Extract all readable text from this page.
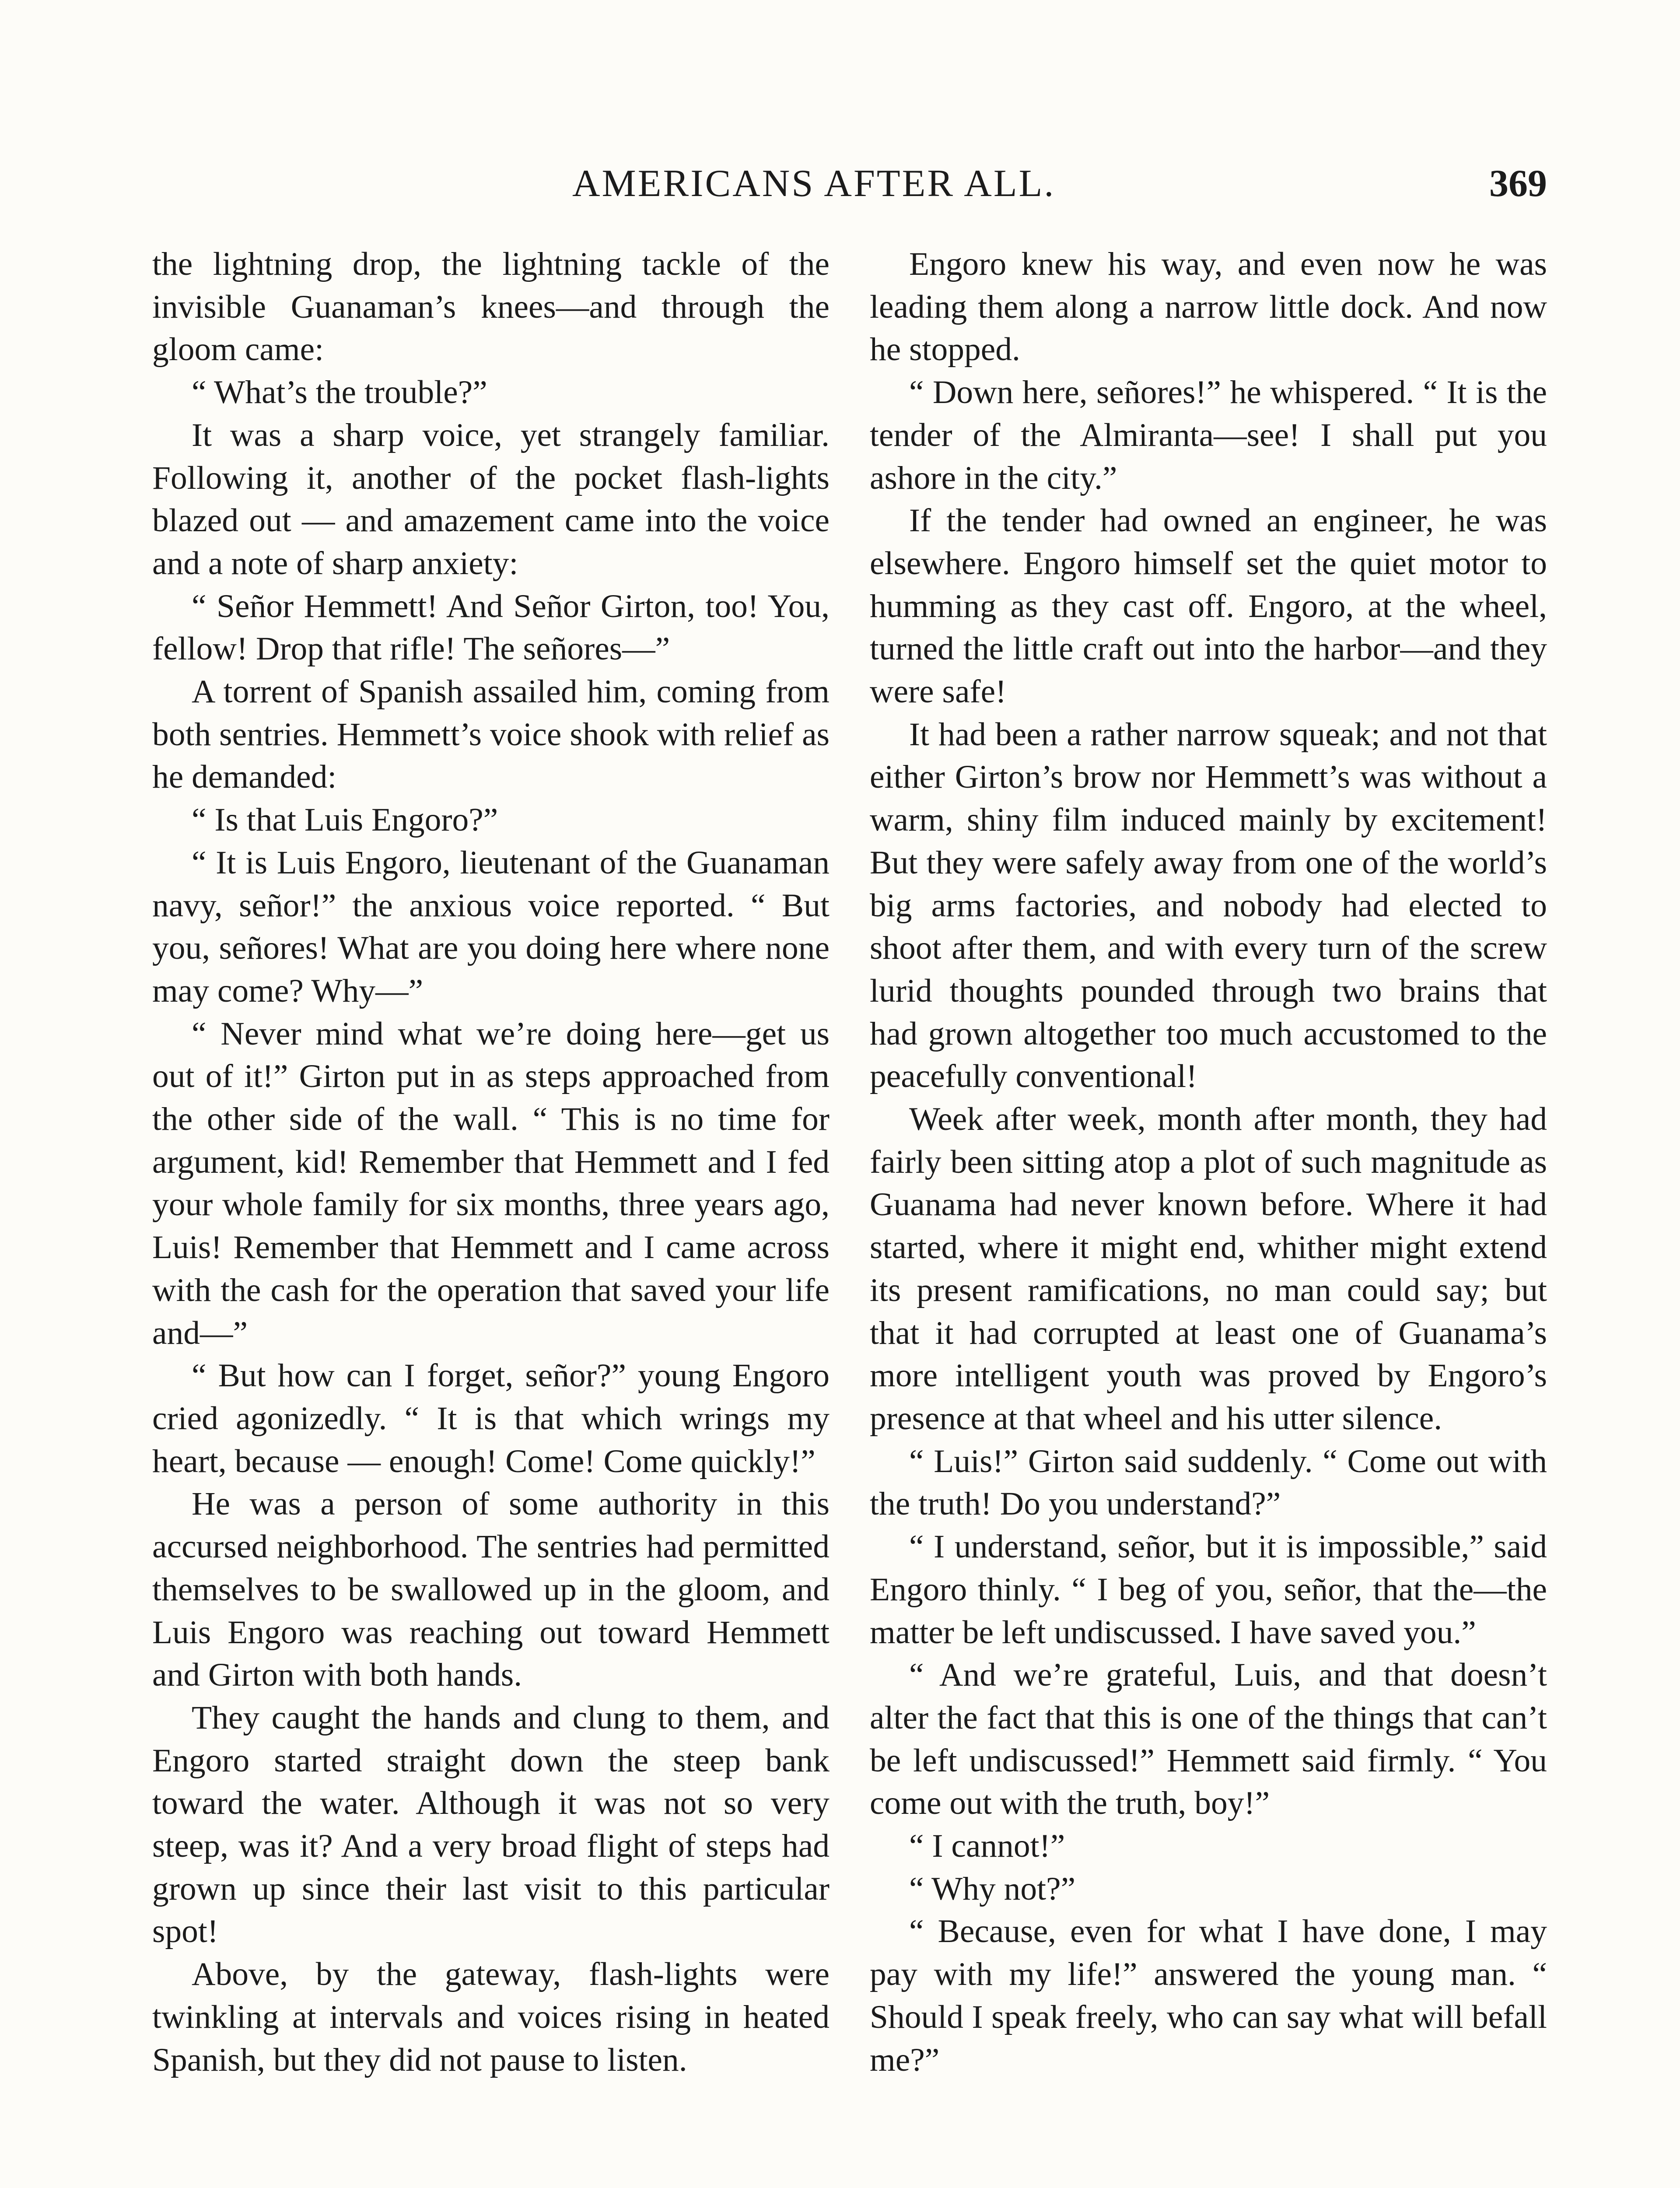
AMERICANS AFTER ALL.	369

the lightning drop, the lightning tackle of the invisible Guanaman’s knees—and through the gloom came:

“ What’s the trouble?”

It was a sharp voice, yet strangely familiar. Following it, another of the pocket flash-lights blazed out — and amazement came into the voice and a note of sharp anxiety:

“ Señor Hemmett! And Señor Girton, too! You, fellow! Drop that rifle! The señores—”

A torrent of Spanish assailed him, coming from both sentries. Hemmett’s voice shook with relief as he demanded:

“ Is that Luis Engoro?”

“ It is Luis Engoro, lieutenant of the Guanaman navy, señor!” the anxious voice reported. “ But you, señores! What are you doing here where none may come? Why—”

“ Never mind what we’re doing here—get us out of it!” Girton put in as steps approached from the other side of the wall. “ This is no time for argument, kid! Remember that Hemmett and I fed your whole family for six months, three years ago, Luis! Remember that Hemmett and I came across with the cash for the operation that saved your life and—”

“ But how can I forget, señor?” young Engoro cried agonizedly. “ It is that which wrings my heart, because — enough! Come! Come quickly!”

He was a person of some authority in this accursed neighborhood. The sentries had permitted themselves to be swallowed up in the gloom, and Luis Engoro was reaching out toward Hemmett and Girton with both hands.

They caught the hands and clung to them, and Engoro started straight down the steep bank toward the water. Although it was not so very steep, was it? And a very broad flight of steps had grown up since their last visit to this particular spot!

Above, by the gateway, flash-lights were twinkling at intervals and voices rising in heated Spanish, but they did not pause to listen.

Engoro knew his way, and even now he was leading them along a narrow little dock. And now he stopped.

“ Down here, señores!” he whispered. “ It is the tender of the Almiranta—see! I shall put you ashore in the city.”

If the tender had owned an engineer, he was elsewhere. Engoro himself set the quiet motor to humming as they cast off. Engoro, at the wheel, turned the little craft out into the harbor—and they were safe!

It had been a rather narrow squeak; and not that either Girton’s brow nor Hemmett’s was without a warm, shiny film induced mainly by excitement! But they were safely away from one of the world’s big arms factories, and nobody had elected to shoot after them, and with every turn of the screw lurid thoughts pounded through two brains that had grown altogether too much accustomed to the peacefully conventional!

Week after week, month after month, they had fairly been sitting atop a plot of such magnitude as Guanama had never known before. Where it had started, where it might end, whither might extend its present ramifications, no man could say; but that it had corrupted at least one of Guanama’s more intelligent youth was proved by Engoro’s presence at that wheel and his utter silence.

“ Luis!” Girton said suddenly. “ Come out with the truth! Do you understand?”

“ I understand, señor, but it is impossible,” said Engoro thinly. “ I beg of you, señor, that the—the matter be left undiscussed. I have saved you.”

“ And we’re grateful, Luis, and that doesn’t alter the fact that this is one of the things that can’t be left undiscussed!” Hemmett said firmly. “ You come out with the truth, boy!”

“ I cannot!”

“ Why not?”

“ Because, even for what I have done, I may pay with my life!” answered the young man. “ Should I speak freely, who can say what will befall me?”
